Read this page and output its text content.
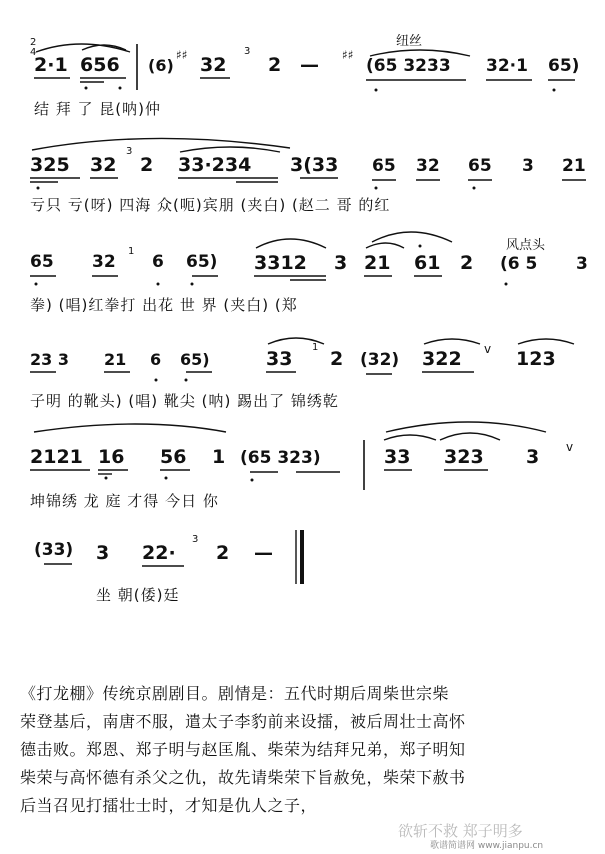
2
4
2·1 656 (6)
♯♯ 32
3
2 — ♯♯
纽丝
(65 3233 32·1 65)
结 拜 了 昆(呐)仲
325 32
3
2 33·234 3(33 65 32 65 3 21
亏只 亏(呀) 四海 众(呃)宾朋 (夹白) (赵二 哥 的红
65 32
1
6 65) 3312 3 21 61 2
风点头
(6 5 3
拳) (唱)红拳打 出花 世 界 (夹白) (郑
23 3 21 6 65)	33
1
2 (32) 322 v 123
子明 的靴头) (唱) 靴尖 (呐) 踢出了 锦绣乾
2121 16 56 1 (65 323)	33 323 3 v
坤锦绣 龙 庭 才得 今日 你
(33) 3 22·
3
2 —
坐 朝(倭)廷

《打龙棚》传统京剧剧目。剧情是：五代时期后周柴世宗柴

荣登基后，南唐不服，遣太子李豹前来设擂，被后周壮士高怀

德击败。郑恩、郑子明与赵匡胤、柴荣为结拜兄弟，郑子明知

柴荣与高怀德有杀父之仇，故先请柴荣下旨赦免，柴荣下赦书

后当召见打擂壮士时，才知是仇人之子，

欲斩不救 郑子明多
歌谱简谱网 www.jianpu.cn
